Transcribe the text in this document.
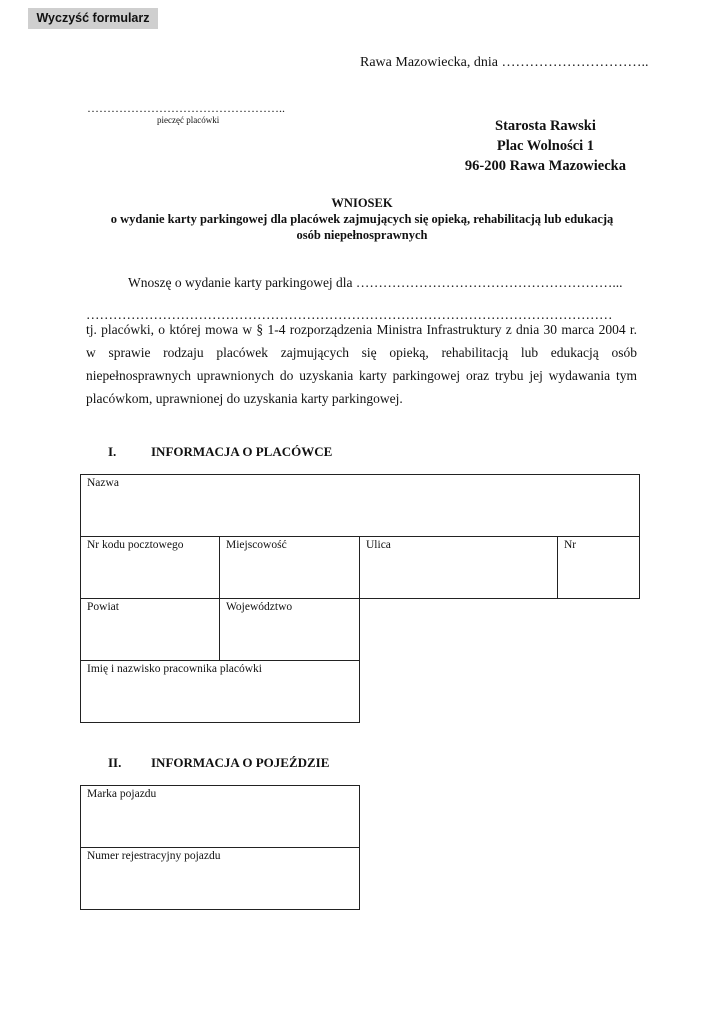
Wyczyść formularz
Rawa Mazowiecka, dnia …………………………..
…………………………………………..
pieczęć placówki	Starosta Rawski
Plac Wolności 1
96-200 Rawa Mazowiecka
WNIOSEK
o wydanie karty parkingowej dla placówek zajmujących się opieką, rehabilitacją lub edukacją
osób niepełnosprawnych
Wnoszę o wydanie karty parkingowej dla …………………………………………………...
………………………………………………………………………………………………………
tj. placówki, o której mowa w § 1-4 rozporządzenia Ministra Infrastruktury z dnia 30 marca 2004 r.
w sprawie rodzaju placówek zajmujących się opieką, rehabilitacją lub edukacją osób
niepełnosprawnych uprawnionych do uzyskania karty parkingowej oraz trybu jej wydawania tym
placówkom, uprawnionej do uzyskania karty parkingowej.
I.	INFORMACJA O PLACÓWCE
Nazwa
Nr kodu pocztowego	Miejscowość	Ulica	Nr
Powiat	Województwo
Imię i nazwisko pracownika placówki
II. INFORMACJA O POJEŹDZIE
Marka pojazdu
Numer rejestracyjny pojazdu
